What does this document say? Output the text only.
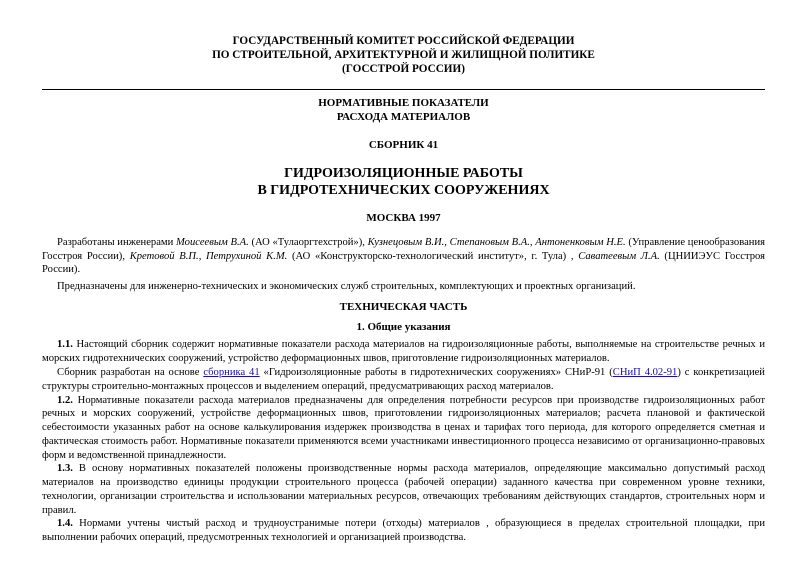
ГОСУДАРСТВЕННЫЙ КОМИТЕТ РОССИЙСКОЙ ФЕДЕРАЦИИ
ПО СТРОИТЕЛЬНОЙ, АРХИТЕКТУРНОЙ И ЖИЛИЩНОЙ ПОЛИТИКЕ
(ГОССТРОЙ РОССИИ)
НОРМАТИВНЫЕ ПОКАЗАТЕЛИ
РАСХОДА МАТЕРИАЛОВ
СБОРНИК 41
ГИДРОИЗОЛЯЦИОННЫЕ РАБОТЫ
В ГИДРОТЕХНИЧЕСКИХ СООРУЖЕНИЯХ
МОСКВА 1997

Разработаны инженерами Моисеевым В.А. (АО «Тулаоргтехстрой»), Кузнецовым В.И., Степановым В.А., Антоненковым Н.Е. (Управление ценообразования Госстроя России), Кретовой В.П., Петрухиной К.М. (АО «Конструкторско-технологический институт», г. Тула) , Саватеевым Л.А. (ЦНИИЭУС Госстроя России).

Предназначены для инженерно-технических и экономических служб строительных, комплектующих и проектных организаций.

ТЕХНИЧЕСКАЯ ЧАСТЬ
1. Общие указания

1.1. Настоящий сборник содержит нормативные показатели расхода материалов на гидроизоляционные работы, выполняемые на строительстве речных и морских гидротехнических сооружений, устройство деформационных швов, приготовление гидроизоляционных материалов.

Сборник разработан на основе сборника 41 «Гидроизоляционные работы в гидротехнических сооружениях» СНиР-91 (СНиП 4.02-91) с конкретизацией структуры строительно-монтажных процессов и выделением операций, предусматривающих расход материалов.

1.2. Нормативные показатели расхода материалов предназначены для определения потребности ресурсов при производстве гидроизоляционных работ речных и морских сооружений, устройстве деформационных швов, приготовлении гидроизоляционных материалов; расчета плановой и фактической себестоимости указанных работ на основе калькулирования издержек производства в ценах и тарифах того периода, для которого определяется сметная и фактическая стоимость работ. Нормативные показатели применяются всеми участниками инвестиционного процесса независимо от организационно-правовых форм и ведомственной принадлежности.

1.3. В основу нормативных показателей положены производственные нормы расхода материалов, определяющие максимально допустимый расход материалов на производство единицы продукции строительного процесса (рабочей операции) заданного качества при современном уровне техники, технологии, организации строительства и использовании материальных ресурсов, отвечающих требованиям действующих стандартов, строительных норм и правил.

1.4. Нормами учтены чистый расход и трудноустранимые потери (отходы) материалов , образующиеся в пределах строительной площадки, при выполнении рабочих операций, предусмотренных технологией и организацией производства.
